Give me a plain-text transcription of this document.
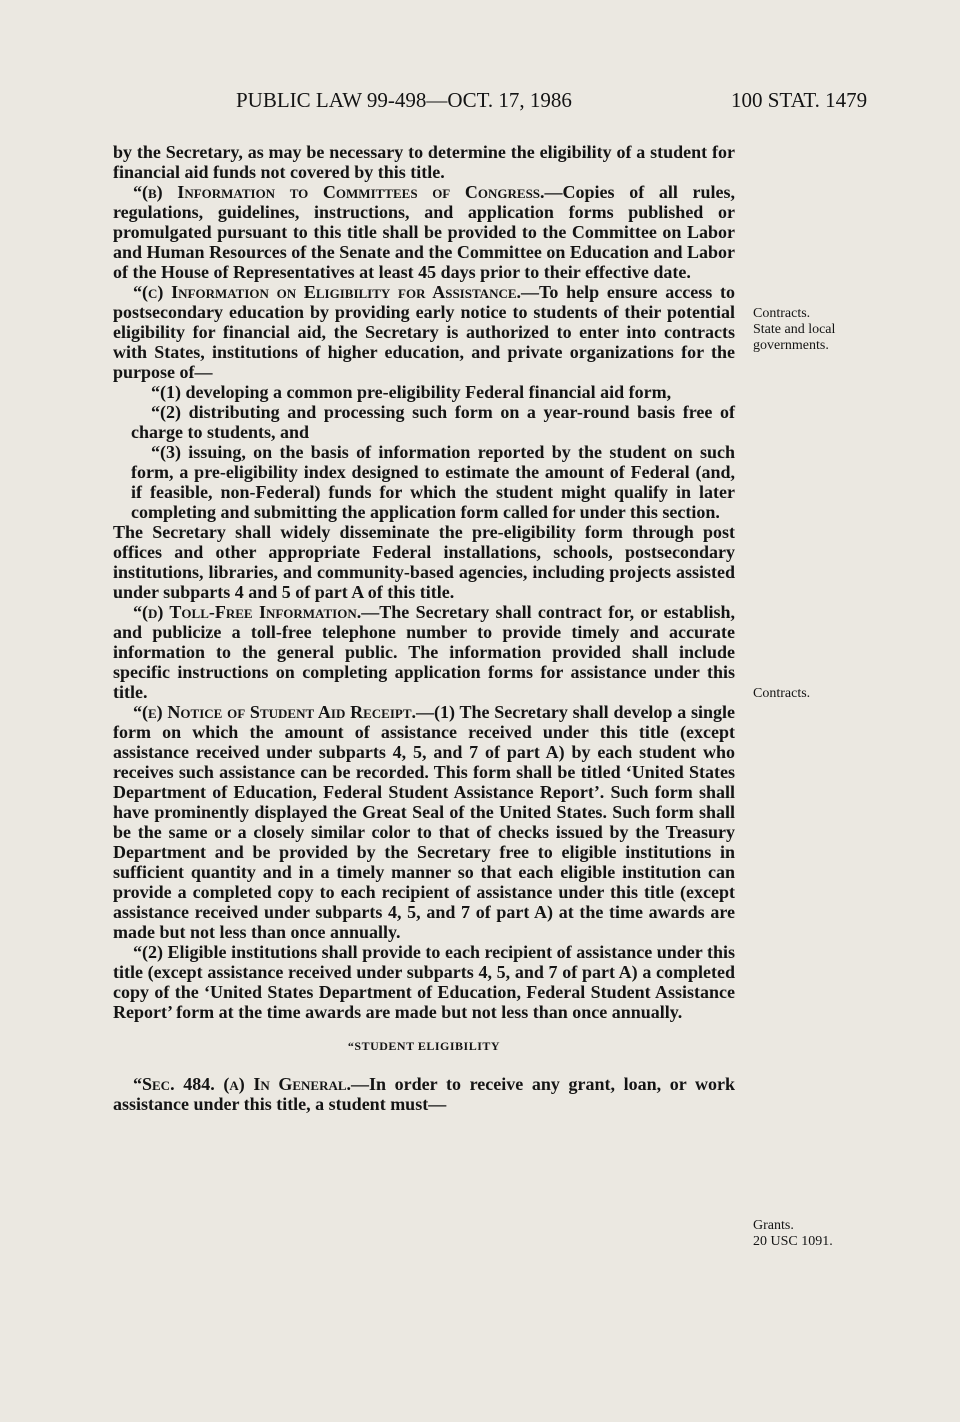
PUBLIC LAW 99-498—OCT. 17, 1986	100 STAT. 1479

by the Secretary, as may be necessary to determine the eligibility of a student for financial aid funds not covered by this title.

“(b) Information to Committees of Congress.—Copies of all rules, regulations, guidelines, instructions, and application forms published or promulgated pursuant to this title shall be provided to the Committee on Labor and Human Resources of the Senate and the Committee on Education and Labor of the House of Representatives at least 45 days prior to their effective date.

“(c) Information on Eligibility for Assistance.—To help ensure access to postsecondary education by providing early notice to students of their potential eligibility for financial aid, the Secretary is authorized to enter into contracts with States, institutions of higher education, and private organizations for the purpose of—

“(1) developing a common pre-eligibility Federal financial aid form,

“(2) distributing and processing such form on a year-round basis free of charge to students, and

“(3) issuing, on the basis of information reported by the student on such form, a pre-eligibility index designed to estimate the amount of Federal (and, if feasible, non-Federal) funds for which the student might qualify in later completing and submitting the application form called for under this section.

The Secretary shall widely disseminate the pre-eligibility form through post offices and other appropriate Federal installations, schools, postsecondary institutions, libraries, and community-based agencies, including projects assisted under subparts 4 and 5 of part A of this title.

“(d) Toll-Free Information.—The Secretary shall contract for, or establish, and publicize a toll-free telephone number to provide timely and accurate information to the general public. The information provided shall include specific instructions on completing application forms for assistance under this title.

“(e) Notice of Student Aid Receipt.—(1) The Secretary shall develop a single form on which the amount of assistance received under this title (except assistance received under subparts 4, 5, and 7 of part A) by each student who receives such assistance can be recorded. This form shall be titled ‘United States Department of Education, Federal Student Assistance Report’. Such form shall have prominently displayed the Great Seal of the United States. Such form shall be the same or a closely similar color to that of checks issued by the Treasury Department and be provided by the Secretary free to eligible institutions in sufficient quantity and in a timely manner so that each eligible institution can provide a completed copy to each recipient of assistance under this title (except assistance received under subparts 4, 5, and 7 of part A) at the time awards are made but not less than once annually.

“(2) Eligible institutions shall provide to each recipient of assistance under this title (except assistance received under subparts 4, 5, and 7 of part A) a completed copy of the ‘United States Department of Education, Federal Student Assistance Report’ form at the time awards are made but not less than once annually.

“STUDENT ELIGIBILITY

“Sec. 484. (a) In General.—In order to receive any grant, loan, or work assistance under this title, a student must—

Contracts.
State and local governments.
Contracts.
Grants.
20 USC 1091.
